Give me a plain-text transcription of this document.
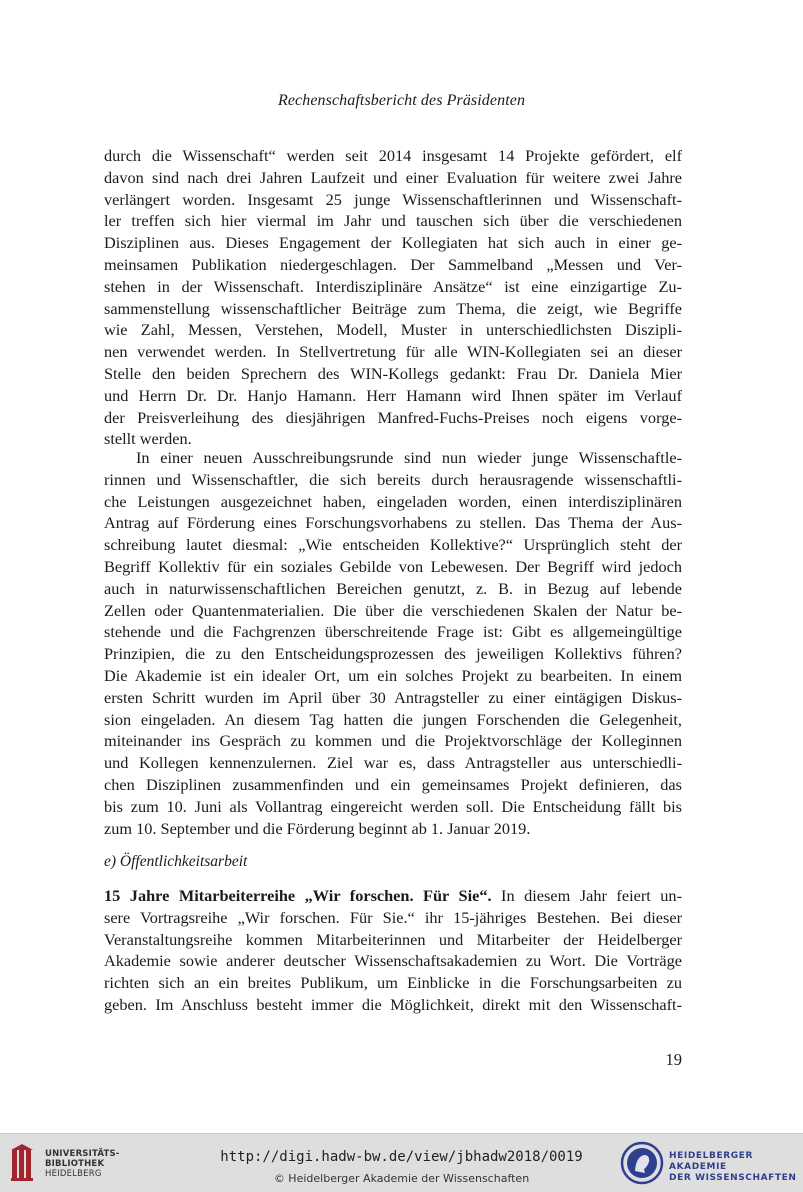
Rechenschaftsbericht des Präsidenten
durch die Wissenschaft“ werden seit 2014 insgesamt 14 Projekte gefördert, elf
davon sind nach drei Jahren Laufzeit und einer Evaluation für weitere zwei Jahre
verlängert worden. Insgesamt 25 junge Wissenschaftlerinnen und Wissenschaft-
ler treffen sich hier viermal im Jahr und tauschen sich über die verschiedenen
Disziplinen aus. Dieses Engagement der Kollegiaten hat sich auch in einer ge-
meinsamen Publikation niedergeschlagen. Der Sammelband „Messen und Ver-
stehen in der Wissenschaft. Interdisziplinäre Ansätze“ ist eine einzigartige Zu-
sammenstellung wissenschaftlicher Beiträge zum Thema, die zeigt, wie Begriffe
wie Zahl, Messen, Verstehen, Modell, Muster in unterschiedlichsten Diszipli-
nen verwendet werden. In Stellvertretung für alle WIN-Kollegiaten sei an dieser
Stelle den beiden Sprechern des WIN-Kollegs gedankt: Frau Dr. Daniela Mier
und Herrn Dr. Dr. Hanjo Hamann. Herr Hamann wird Ihnen später im Verlauf
der Preisverleihung des diesjährigen Manfred-Fuchs-Preises noch eigens vorge-
stellt werden.
In einer neuen Ausschreibungsrunde sind nun wieder junge Wissenschaftle-
rinnen und Wissenschaftler, die sich bereits durch herausragende wissenschaftli-
che Leistungen ausgezeichnet haben, eingeladen worden, einen interdisziplinären
Antrag auf Förderung eines Forschungsvorhabens zu stellen. Das Thema der Aus-
schreibung lautet diesmal: „Wie entscheiden Kollektive?“ Ursprünglich steht der
Begriff Kollektiv für ein soziales Gebilde von Lebewesen. Der Begriff wird jedoch
auch in naturwissenschaftlichen Bereichen genutzt, z. B. in Bezug auf lebende
Zellen oder Quantenmaterialien. Die über die verschiedenen Skalen der Natur be-
stehende und die Fachgrenzen überschreitende Frage ist: Gibt es allgemeingültige
Prinzipien, die zu den Entscheidungsprozessen des jeweiligen Kollektivs führen?
Die Akademie ist ein idealer Ort, um ein solches Projekt zu bearbeiten. In einem
ersten Schritt wurden im April über 30 Antragsteller zu einer eintägigen Diskus-
sion eingeladen. An diesem Tag hatten die jungen Forschenden die Gelegenheit,
miteinander ins Gespräch zu kommen und die Projektvorschläge der Kolleginnen
und Kollegen kennenzulernen. Ziel war es, dass Antragsteller aus unterschiedli-
chen Disziplinen zusammenfinden und ein gemeinsames Projekt definieren, das
bis zum 10. Juni als Vollantrag eingereicht werden soll. Die Entscheidung fällt bis
zum 10. September und die Förderung beginnt ab 1. Januar 2019.
e) Öffentlichkeitsarbeit
15 Jahre Mitarbeiterreihe „Wir forschen. Für Sie“. In diesem Jahr feiert un-
sere Vortragsreihe „Wir forschen. Für Sie.“ ihr 15-jähriges Bestehen. Bei dieser
Veranstaltungsreihe kommen Mitarbeiterinnen und Mitarbeiter der Heidelberger
Akademie sowie anderer deutscher Wissenschaftsakademien zu Wort. Die Vorträge
richten sich an ein breites Publikum, um Einblicke in die Forschungsarbeiten zu
geben. Im Anschluss besteht immer die Möglichkeit, direkt mit den Wissenschaft-
19
UNIVERSITÄTS-
BIBLIOTHEK
HEIDELBERG
http://digi.hadw-bw.de/view/jbhadw2018/0019
© Heidelberger Akademie der Wissenschaften
HEIDELBERGER AKADEMIE
DER WISSENSCHAFTEN
